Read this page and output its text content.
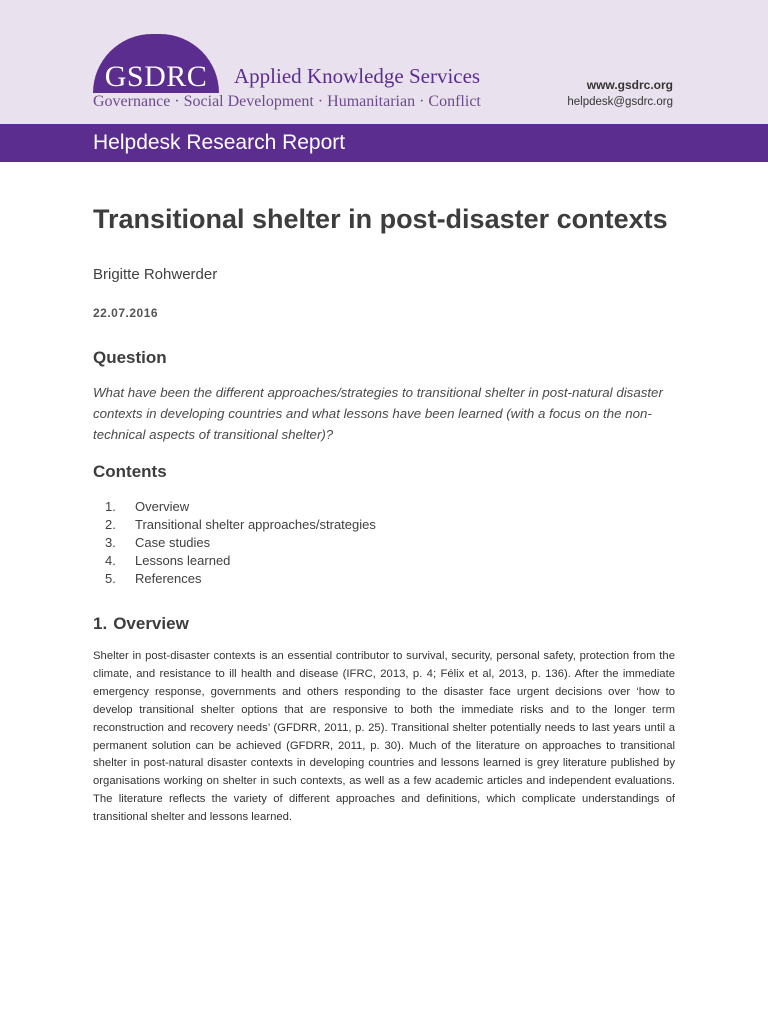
GSDRC	Applied Knowledge Services
Governance · Social Development · Humanitarian · Conflict
www.gsdrc.org
helpdesk@gsdrc.org
Helpdesk Research Report
Transitional shelter in post-disaster contexts

Brigitte Rohwerder

22.07.2016

Question

What have been the different approaches/strategies to transitional shelter in post-natural disaster contexts in developing countries and what lessons have been learned (with a focus on the non-technical aspects of transitional shelter)?

Contents
1.	Overview
2.	Transitional shelter approaches/strategies
3.	Case studies
4.	Lessons learned
5.	References
1. Overview

Shelter in post-disaster contexts is an essential contributor to survival, security, personal safety, protection from the climate, and resistance to ill health and disease (IFRC, 2013, p. 4; Félix et al, 2013, p. 136). After the immediate emergency response, governments and others responding to the disaster face urgent decisions over ‘how to develop transitional shelter options that are responsive to both the immediate risks and to the longer term reconstruction and recovery needs’ (GFDRR, 2011, p. 25). Transitional shelter potentially needs to last years until a permanent solution can be achieved (GFDRR, 2011, p. 30). Much of the literature on approaches to transitional shelter in post-natural disaster contexts in developing countries and lessons learned is grey literature published by organisations working on shelter in such contexts, as well as a few academic articles and independent evaluations. The literature reflects the variety of different approaches and definitions, which complicate understandings of transitional shelter and lessons learned.
